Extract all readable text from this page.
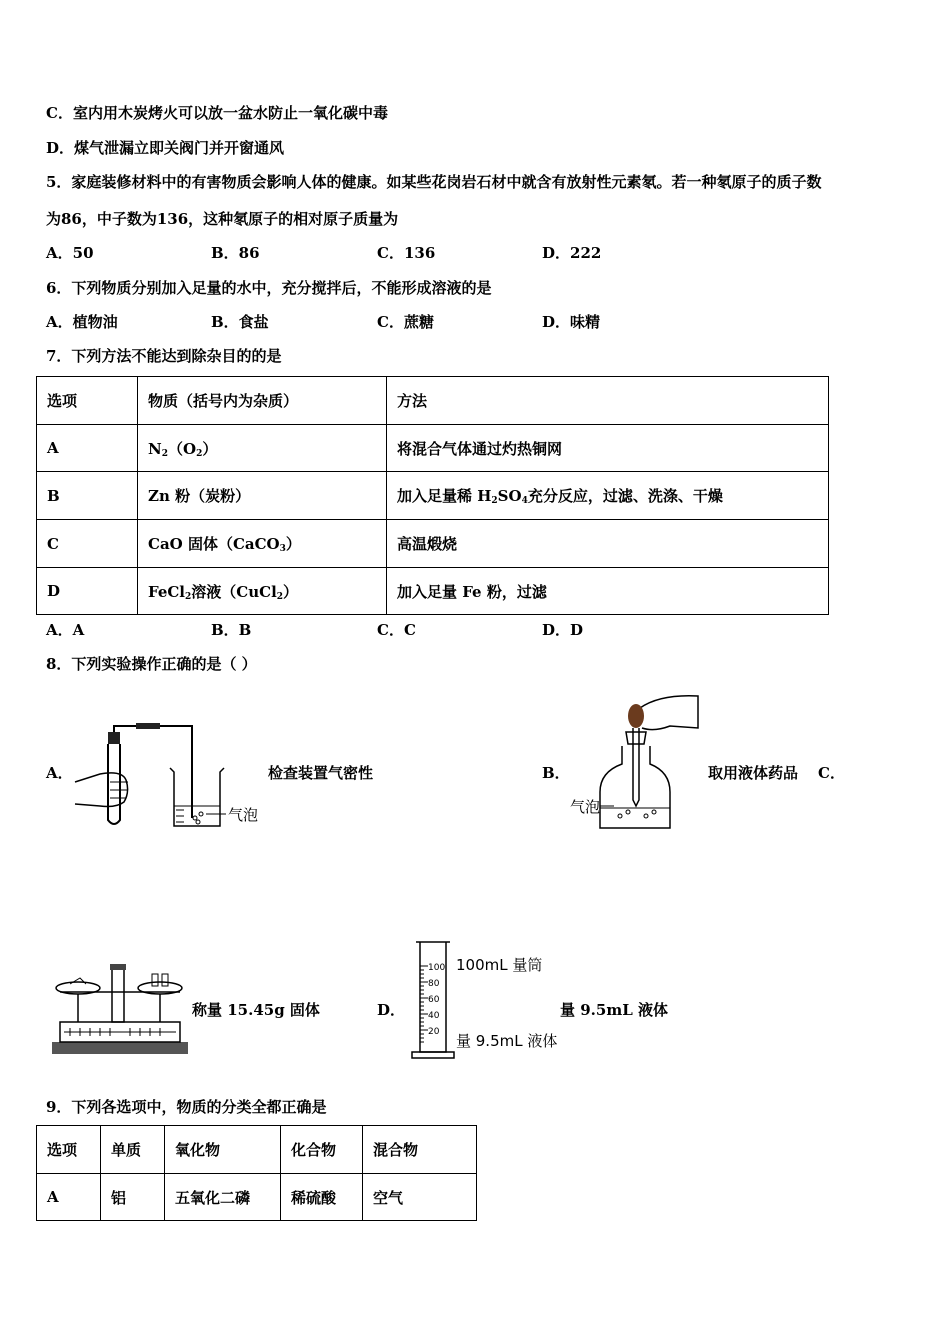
C．室内用木炭烤火可以放一盆水防止一氧化碳中毒
D．煤气泄漏立即关阀门并开窗通风
5．家庭装修材料中的有害物质会影响人体的健康。如某些花岗岩石材中就含有放射性元素氡。若一种氡原子的质子数
为86，中子数为136，这种氡原子的相对原子质量为
A．50	B．86	C．136	D．222
6．下列物质分别加入足量的水中，充分搅拌后，不能形成溶液的是
A．植物油	B．食盐	C．蔗糖	D．味精
7．下列方法不能达到除杂目的的是
选项	物质（括号内为杂质）	方法
A	$N_2(O_2)$	将混合气体通过灼热铜网
B	Zn 粉（炭粉）	加入足量稀 $H_2SO_4$充分反应，过滤、洗涤、干燥
C	CaO 固体（CaCO$_3$）	高温煅烧
D	FeCl$_2$溶液（CuCl$_2$）	加入足量 Fe 粉，过滤
A．A	B．B	C．C	D．D
8．下列实验操作正确的是（ ）
A．
气泡
检查装置气密性	B．
气泡
取用液体药品 C．
称量 15.45g 固体	D．
100
80
60
40
20
100mL 量筒
量 9.5mL 液体
量 9.5mL 液体
9．下列各选项中，物质的分类全都正确是
选项	单质	氧化物	化合物	混合物
A	铝	五氧化二磷	稀硫酸	空气
